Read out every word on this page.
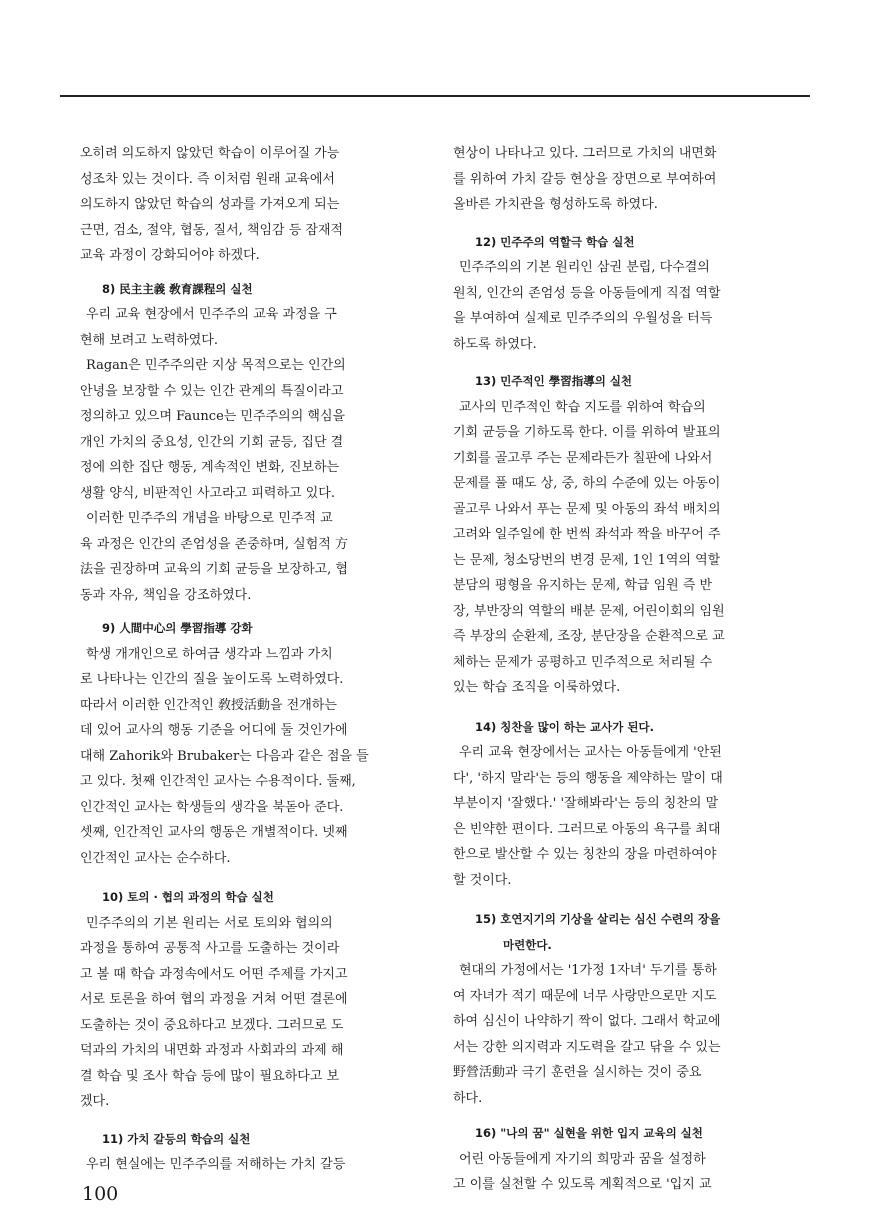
오히려 의도하지 않았던 학습이 이루어질 가능
성조차 있는 것이다. 즉 이처럼 원래 교육에서
의도하지 않았던 학습의 성과를 가져오게 되는
근면, 검소, 절약, 협동, 질서, 책임감 등 잠재적
교육 과정이 강화되어야 하겠다.
8) 民主主義 敎育課程의 실천
우리 교육 현장에서 민주주의 교육 과정을 구
현해 보려고 노력하였다.
Ragan은 민주주의란 지상 목적으로는 인간의
안녕을 보장할 수 있는 인간 관계의 특질이라고
정의하고 있으며 Faunce는 민주주의의 핵심을
개인 가치의 중요성, 인간의 기회 균등, 집단 결
정에 의한 집단 행동, 계속적인 변화, 진보하는
생활 양식, 비판적인 사고라고 피력하고 있다.
이러한 민주주의 개념을 바탕으로 민주적 교
육 과정은 인간의 존엄성을 존중하며, 실험적 方
法을 권장하며 교육의 기회 균등을 보장하고, 협
동과 자유, 책임을 강조하였다.
9) 人間中心의 學習指導 강화
학생 개개인으로 하여금 생각과 느낌과 가치
로 나타나는 인간의 질을 높이도록 노력하였다.
따라서 이러한 인간적인 敎授活動을 전개하는
데 있어 교사의 행동 기준을 어디에 둘 것인가에
대해 Zahorik와 Brubaker는 다음과 같은 점을 들
고 있다. 첫째 인간적인 교사는 수용적이다. 둘째,
인간적인 교사는 학생들의 생각을 북돋아 준다.
셋째, 인간적인 교사의 행동은 개별적이다. 넷째
인간적인 교사는 순수하다.
10) 토의 · 협의 과정의 학습 실천
민주주의의 기본 원리는 서로 토의와 협의의
과정을 통하여 공통적 사고를 도출하는 것이라
고 볼 때 학습 과정속에서도 어떤 주제를 가지고
서로 토론을 하여 협의 과정을 거쳐 어떤 결론에
도출하는 것이 중요하다고 보겠다. 그러므로 도
덕과의 가치의 내면화 과정과 사회과의 과제 해
결 학습 및 조사 학습 등에 많이 필요하다고 보
겠다.
11) 가치 갈등의 학습의 실천
우리 현실에는 민주주의를 저해하는 가치 갈등
현상이 나타나고 있다. 그러므로 가치의 내면화
를 위하여 가치 갈등 현상을 장면으로 부여하여
올바른 가치관을 형성하도록 하였다.
12) 민주주의 역할극 학습 실천
민주주의의 기본 원리인 삼권 분립, 다수결의
원칙, 인간의 존엄성 등을 아동들에게 직접 역할
을 부여하여 실제로 민주주의의 우월성을 터득
하도록 하였다.
13) 민주적인 學習指導의 실천
교사의 민주적인 학습 지도를 위하여 학습의
기회 균등을 기하도록 한다. 이를 위하여 발표의
기회를 골고루 주는 문제라든가 칠판에 나와서
문제를 풀 때도 상, 중, 하의 수준에 있는 아동이
골고루 나와서 푸는 문제 및 아동의 좌석 배치의
고려와 일주일에 한 번씩 좌석과 짝을 바꾸어 주
는 문제, 청소당번의 변경 문제, 1인 1역의 역할
분담의 평형을 유지하는 문제, 학급 임원 즉 반
장, 부반장의 역할의 배분 문제, 어린이회의 임원
즉 부장의 순환제, 조장, 분단장을 순환적으로 교
체하는 문제가 공평하고 민주적으로 처리될 수
있는 학습 조직을 이룩하였다.
14) 칭찬을 많이 하는 교사가 된다.
우리 교육 현장에서는 교사는 아동들에게 '안된
다', '하지 말라'는 등의 행동을 제약하는 말이 대
부분이지 '잘했다.' '잘해봐라'는 등의 칭찬의 말
은 빈약한 편이다. 그러므로 아동의 욕구를 최대
한으로 발산할 수 있는 칭찬의 장을 마련하여야
할 것이다.
15) 호연지기의 기상을 살리는 심신 수련의 장을
마련한다.
현대의 가정에서는 '1가정 1자녀' 두기를 통하
여 자녀가 적기 때문에 너무 사랑만으로만 지도
하여 심신이 나약하기 짝이 없다. 그래서 학교에
서는 강한 의지력과 지도력을 갈고 닦을 수 있는
野營活動과 극기 훈련을 실시하는 것이 중요
하다.
16) "나의 꿈" 실현을 위한 입지 교육의 실천
어린 아동들에게 자기의 희망과 꿈을 설정하
고 이를 실천할 수 있도록 계획적으로 '입지 교
100
